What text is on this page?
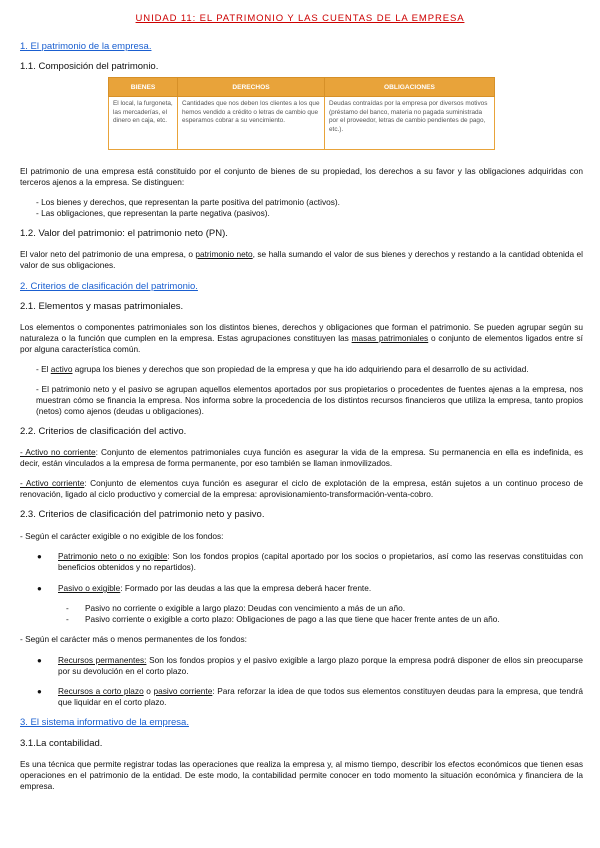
UNIDAD 11: EL PATRIMONIO Y LAS CUENTAS DE LA EMPRESA
1. El patrimonio de la empresa.
1.1. Composición del patrimonio.
BIENES	DERECHOS	OBLIGACIONES
El local, la furgoneta, las mercaderías, el dinero en caja, etc.	Cantidades que nos deben los clientes a los que hemos vendido a crédito o letras de cambio que esperamos cobrar a su vencimiento.	Deudas contraídas por la empresa por diversos motivos (préstamo del banco, materia no pagada suministrada por el proveedor, letras de cambio pendientes de pago, etc.).
El patrimonio de una empresa está constituido por el conjunto de bienes de su propiedad, los derechos a su favor y las obligaciones adquiridas con terceros ajenos a la empresa. Se distinguen:
- Los bienes y derechos, que representan la parte positiva del patrimonio (activos).
- Las obligaciones, que representan la parte negativa (pasivos).
1.2. Valor del patrimonio: el patrimonio neto (PN).
El valor neto del patrimonio de una empresa, o patrimonio neto, se halla sumando el valor de sus bienes y derechos y restando a la cantidad obtenida el valor de sus obligaciones.
2. Criterios de clasificación del patrimonio.
2.1. Elementos y masas patrimoniales.
Los elementos o componentes patrimoniales son los distintos bienes, derechos y obligaciones que forman el patrimonio. Se pueden agrupar según su naturaleza o la función que cumplen en la empresa. Estas agrupaciones constituyen las masas patrimoniales o conjunto de elementos ligados entre sí por alguna característica común.
- El activo agrupa los bienes y derechos que son propiedad de la empresa y que ha ido adquiriendo para el desarrollo de su actividad.
- El patrimonio neto y el pasivo se agrupan aquellos elementos aportados por sus propietarios o procedentes de fuentes ajenas a la empresa, nos muestran cómo se financia la empresa. Nos informa sobre la procedencia de los distintos recursos financieros que utiliza la empresa, tanto propios (netos) como ajenos (deudas u obligaciones).
2.2. Criterios de clasificación del activo.
- Activo no corriente: Conjunto de elementos patrimoniales cuya función es asegurar la vida de la empresa. Su permanencia en ella es indefinida, es decir, están vinculados a la empresa de forma permanente, por eso también se llaman inmovilizados.
- Activo corriente: Conjunto de elementos cuya función es asegurar el ciclo de explotación de la empresa, están sujetos a un continuo proceso de renovación, ligado al ciclo productivo y comercial de la empresa: aprovisionamiento-transformación-venta-cobro.
2.3. Criterios de clasificación del patrimonio neto y pasivo.
- Según el carácter exigible o no exigible de los fondos:
● Patrimonio neto o no exigible: Son los fondos propios (capital aportado por los socios o propietarios, así como las reservas constituidas con beneficios obtenidos y no repartidos).
● Pasivo o exigible: Formado por las deudas a las que la empresa deberá hacer frente.
- Pasivo no corriente o exigible a largo plazo: Deudas con vencimiento a más de un año.
- Pasivo corriente o exigible a corto plazo: Obligaciones de pago a las que tiene que hacer frente antes de un año.
- Según el carácter más o menos permanentes de los fondos:
● Recursos permanentes: Son los fondos propios y el pasivo exigible a largo plazo porque la empresa podrá disponer de ellos sin preocuparse por su devolución en el corto plazo.
● Recursos a corto plazo o pasivo corriente: Para reforzar la idea de que todos sus elementos constituyen deudas para la empresa, que tendrá que liquidar en el corto plazo.
3. El sistema informativo de la empresa.
3.1.La contabilidad.
Es una técnica que permite registrar todas las operaciones que realiza la empresa y, al mismo tiempo, describir los efectos económicos que tienen esas operaciones en el patrimonio de la entidad. De este modo, la contabilidad permite conocer en todo momento la situación económica y financiera de la empresa.
